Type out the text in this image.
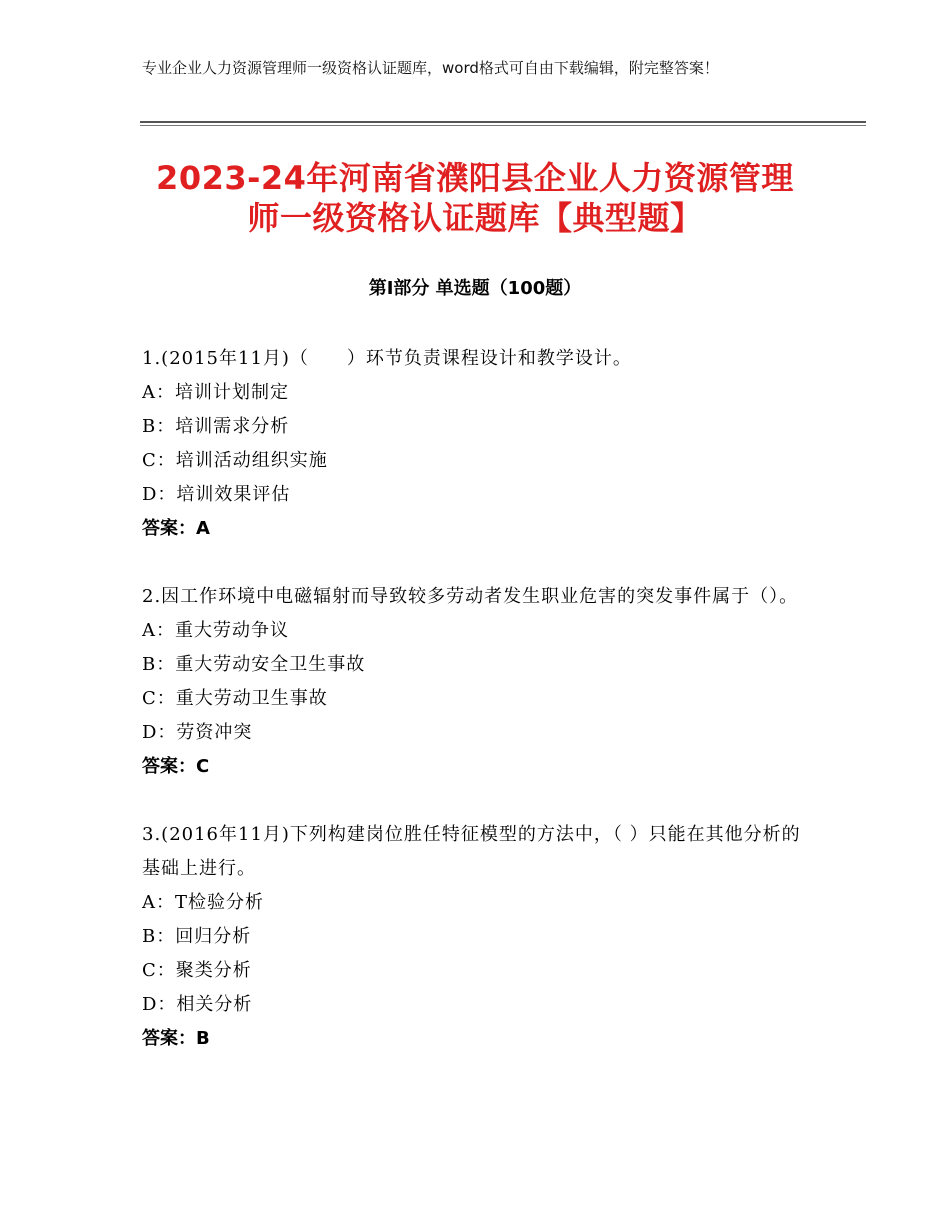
专业企业人力资源管理师一级资格认证题库，word格式可自由下载编辑，附完整答案！
2023-24年河南省濮阳县企业人力资源管理师一级资格认证题库【典型题】
第Ⅰ部分 单选题（100题）
1.(2015年11月)（　　）环节负责课程设计和教学设计。
A：培训计划制定
B：培训需求分析
C：培训活动组织实施
D：培训效果评估
答案：A
2.因工作环境中电磁辐射而导致较多劳动者发生职业危害的突发事件属于（）。
A：重大劳动争议
B：重大劳动安全卫生事故
C：重大劳动卫生事故
D：劳资冲突
答案：C
3.(2016年11月)下列构建岗位胜任特征模型的方法中，（ ）只能在其他分析的基础上进行。
A：T检验分析
B：回归分析
C：聚类分析
D：相关分析
答案：B
